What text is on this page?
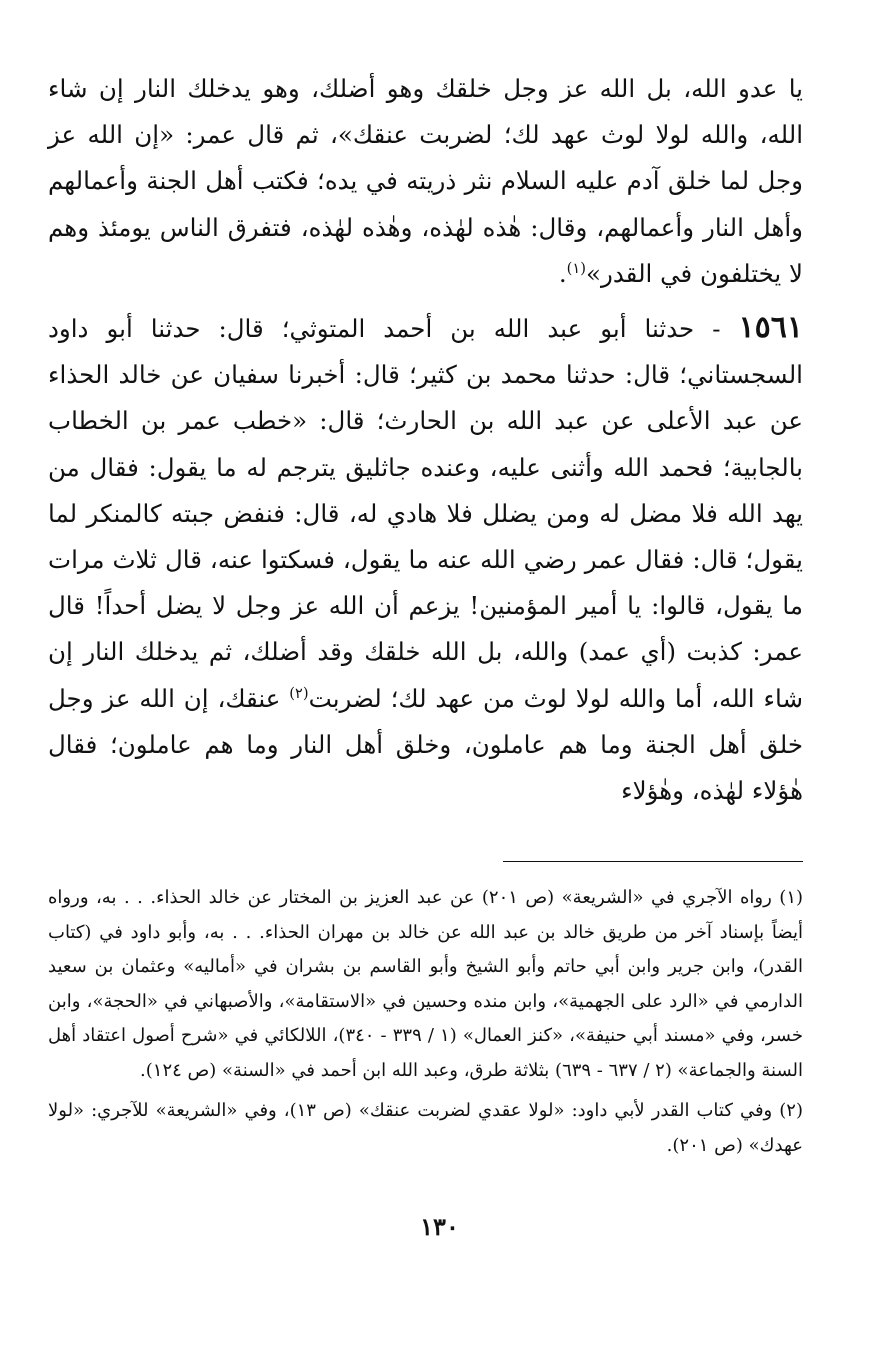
يا عدو الله، بل الله عز وجل خلقك وهو أضلك، وهو يدخلك النار إن شاء الله، والله لولا لوث عهد لك؛ لضربت عنقك»، ثم قال عمر: «إن الله عز وجل لما خلق آدم عليه السلام نثر ذريته في يده؛ فكتب أهل الجنة وأعمالهم وأهل النار وأعمالهم، وقال: هٰذه لهٰذه، وهٰذه لهٰذه، فتفرق الناس يومئذ وهم لا يختلفون في القدر»$^{(١)}$.

١٥٦١ - حدثنا أبو عبد الله بن أحمد المتوثي؛ قال: حدثنا أبو داود السجستاني؛ قال: حدثنا محمد بن كثير؛ قال: أخبرنا سفيان عن خالد الحذاء عن عبد الأعلى عن عبد الله بن الحارث؛ قال: «خطب عمر بن الخطاب بالجابية؛ فحمد الله وأثنى عليه، وعنده جاثليق يترجم له ما يقول: فقال من يهد الله فلا مضل له ومن يضلل فلا هادي له، قال: فنفض جبته كالمنكر لما يقول؛ قال: فقال عمر رضي الله عنه ما يقول، فسكتوا عنه، قال ثلاث مرات ما يقول، قالوا: يا أمير المؤمنين! يزعم أن الله عز وجل لا يضل أحداً! قال عمر: كذبت (أي عمد) والله، بل الله خلقك وقد أضلك، ثم يدخلك النار إن شاء الله، أما والله لولا لوث من عهد لك؛ لضربت$^{(٢)}$ عنقك، إن الله عز وجل خلق أهل الجنة وما هم عاملون، وخلق أهل النار وما هم عاملون؛ فقال هٰؤلاء لهٰذه، وهٰؤلاء

(١) رواه الآجري في «الشريعة» (ص ٢٠١) عن عبد العزيز بن المختار عن خالد الحذاء. . . به، ورواه أيضاً بإسناد آخر من طريق خالد بن عبد الله عن خالد بن مهران الحذاء. . . به، وأبو داود في (كتاب القدر)، وابن جرير وابن أبي حاتم وأبو الشيخ وأبو القاسم بن بشران في «أماليه» وعثمان بن سعيد الدارمي في «الرد على الجهمية»، وابن منده وحسين في «الاستقامة»، والأصبهاني في «الحجة»، وابن خسر، وفي «مسند أبي حنيفة»، «كنز العمال» (١ / ٣٣٩ - ٣٤٠)، اللالكائي في «شرح أصول اعتقاد أهل السنة والجماعة» (٢ / ٦٣٧ - ٦٣٩) بثلاثة طرق، وعبد الله ابن أحمد في «السنة» (ص ١٢٤).

(٢) وفي كتاب القدر لأبي داود: «لولا عقدي لضربت عنقك» (ص ١٣)، وفي «الشريعة» للآجري: «لولا عهدك» (ص ٢٠١).

١٣٠
